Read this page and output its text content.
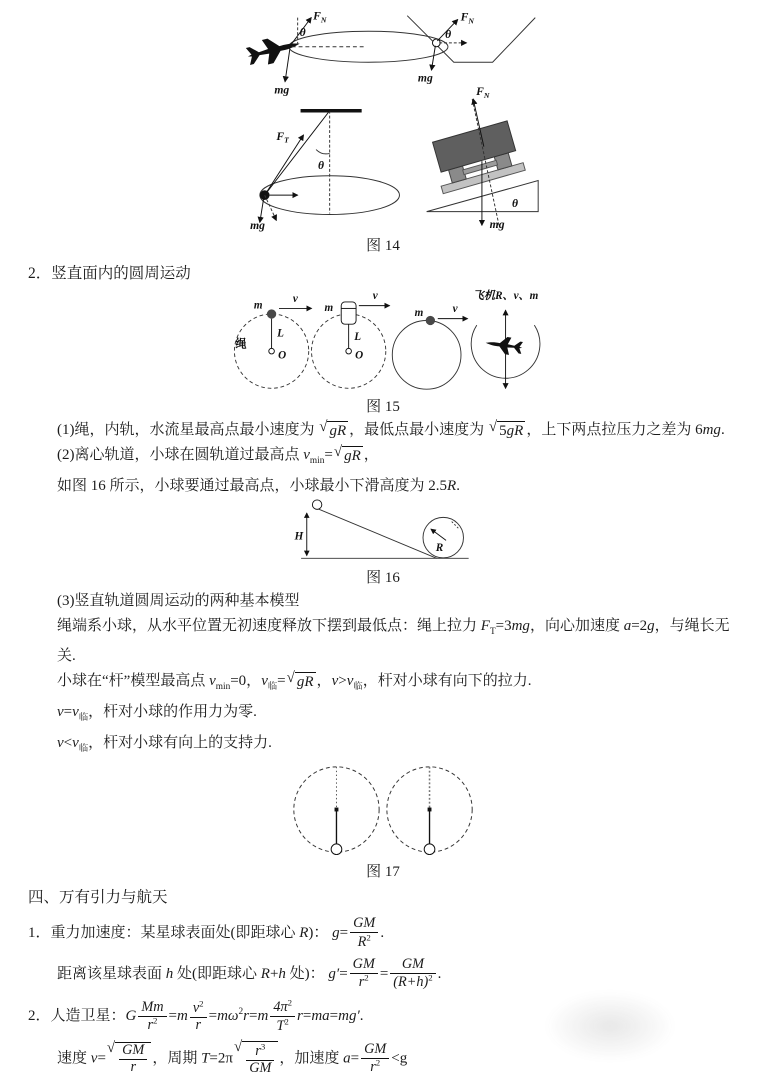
$F_N$
θ
mg
$F_N$
θ
mg
$F_T$
θ
mg
$F_N$
θ
mg
图 14
2．竖直面内的圆周运动
m
v
L
O
绳
m
v
L
O
m v
飞机R、v、m
图 15

(1)绳，内轨，水流星最高点最小速度为 √ gR ，最低点最小速度为 √ 5gR ，上下两点拉压力之差为 6mg.

(2)离心轨道，小球在圆轨道过最高点 $v_{min}=$ √ gR ，

如图 16 所示，小球要通过最高点，小球最小下滑高度为 2.5R.

H
R
图 16

(3)竖直轨道圆周运动的两种基本模型

绳端系小球，从水平位置无初速度释放下摆到最低点：绳上拉力 $F_T=3mg$，向心加速度 a=2g，与绳长无关.

小球在“杆”模型最高点 $v_{min}=0$，$v_临=$ √ gR ，$v>v_临$，杆对小球有向下的拉力.

$v=v_临$，杆对小球的作用力为零.

$v<v_临$，杆对小球有向上的支持力.

图 17
四、万有引力与航天

1．重力加速度：某星球表面处(即距球心 R)： $g= \frac{GM}{R^2}$ .

距离该星球表面 h 处(即距球心 R+h 处)： $g'= \frac{GM}{r^2} = \frac{GM}{(R+h)^2}$ .

2．人造卫星：G $\frac{Mm}{r^2} =m \frac{v^2}{r} =m\omega^2r=m \frac{4\pi^2}{T^2} r=ma=mg'$.

速度 v=
√ $\frac{GM}{r}$ ，周期 T=2π
√ $\frac{r^3}{GM}$ ，加速度 $a= \frac{GM}{r^2} <g$
